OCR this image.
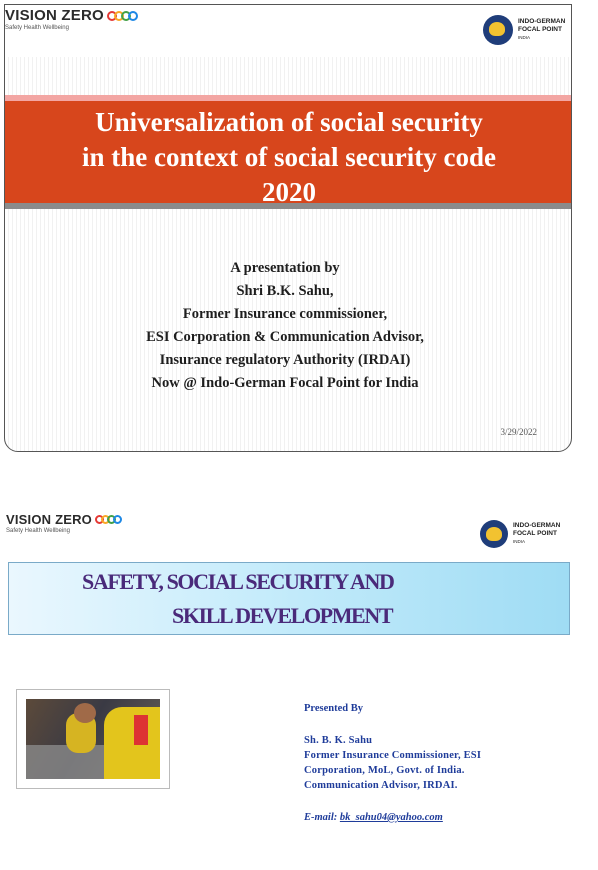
VISION ZERO
Safety Health Wellbeing
INDO-GERMAN
FOCAL POINT
INDIA
Universalization of social security
in the context of social security code
2020
A presentation by
Shri B.K. Sahu,
Former Insurance commissioner,
ESI Corporation & Communication Advisor,
Insurance regulatory Authority (IRDAI)
Now @ Indo-German Focal Point for India
3/29/2022
VISION ZERO
Safety Health Wellbeing
INDO-GERMAN
FOCAL POINT
INDIA
SAFETY, SOCIAL SECURITY AND
SKILL DEVELOPMENT
Presented By
Sh. B. K. Sahu
Former Insurance Commissioner, ESI
Corporation, MoL, Govt. of India.
Communication Advisor, IRDAI.
E-mail: bk_sahu04@yahoo.com
